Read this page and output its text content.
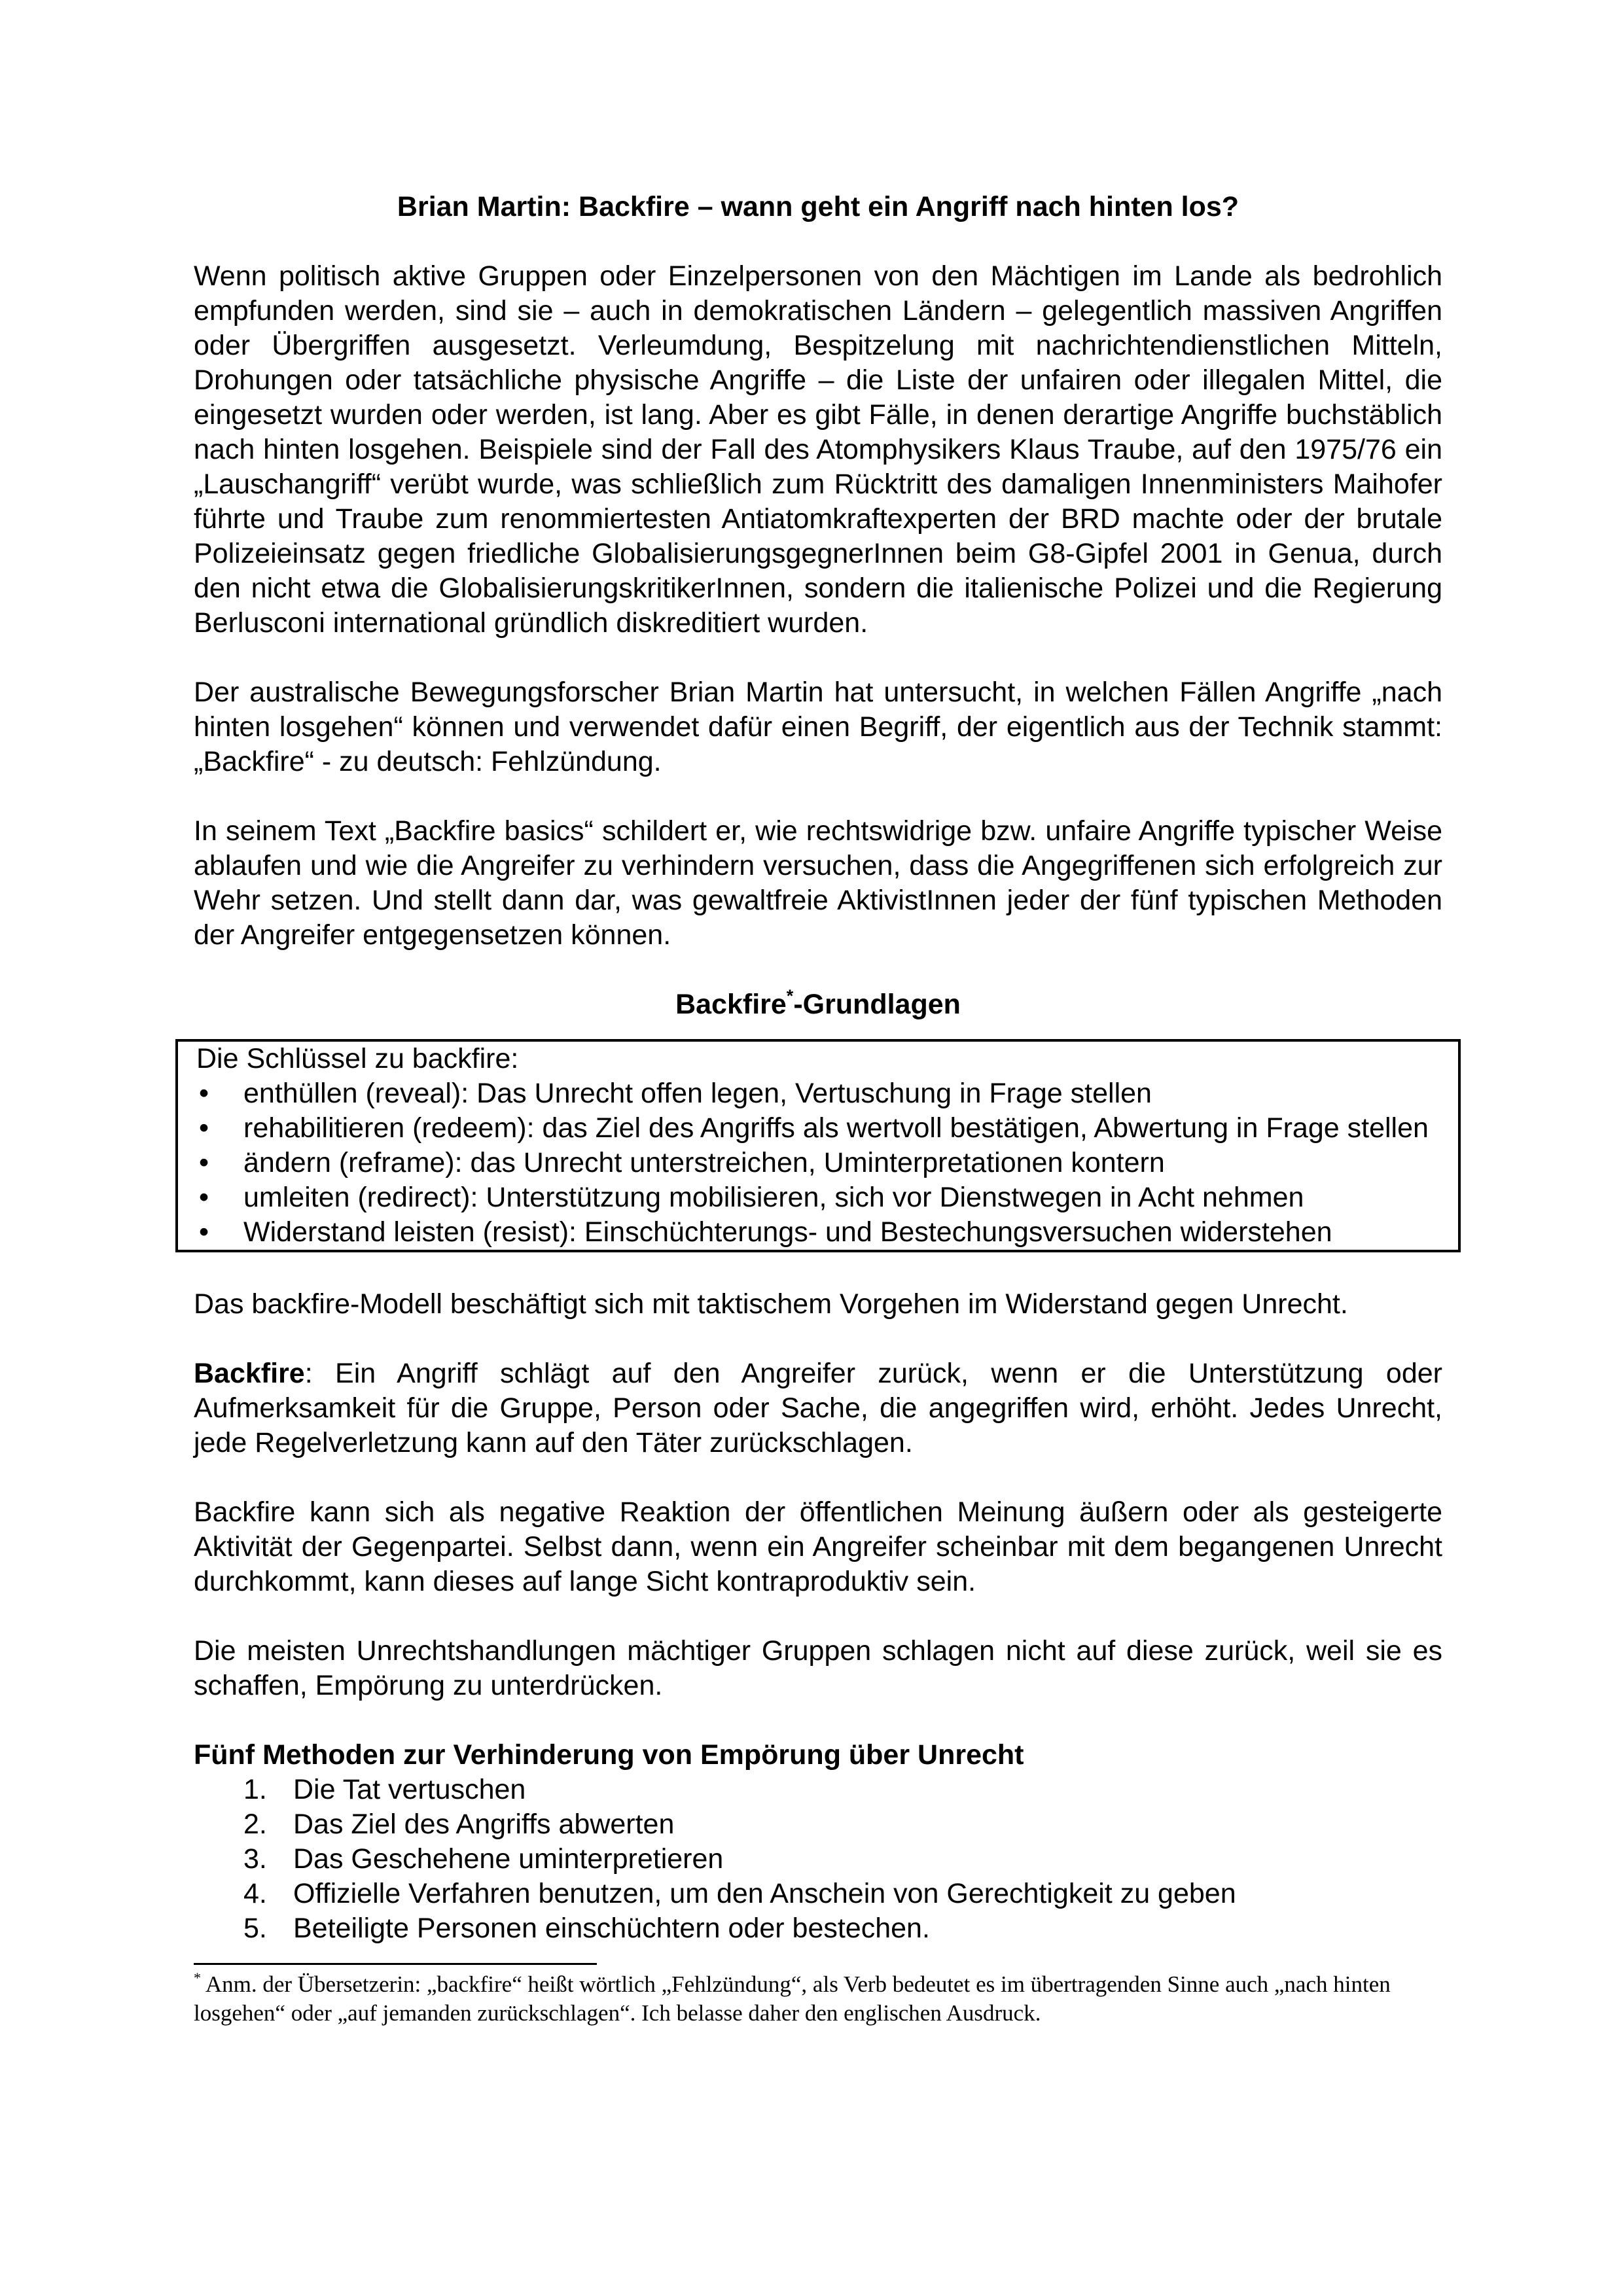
Brian Martin: Backfire – wann geht ein Angriff nach hinten los?

Wenn politisch aktive Gruppen oder Einzelpersonen von den Mächtigen im Lande als bedrohlich empfunden werden, sind sie – auch in demokratischen Ländern – gelegentlich massiven Angriffen oder Übergriffen ausgesetzt. Verleumdung, Bespitzelung mit nachrichtendienstlichen Mitteln, Drohungen oder tatsächliche physische Angriffe – die Liste der unfairen oder illegalen Mittel, die eingesetzt wurden oder werden, ist lang. Aber es gibt Fälle, in denen derartige Angriffe buchstäblich nach hinten losgehen. Beispiele sind der Fall des Atomphysikers Klaus Traube, auf den 1975/76 ein „Lauschangriff“ verübt wurde, was schließlich zum Rücktritt des damaligen Innenministers Maihofer führte und Traube zum renommiertesten Antiatomkraftexperten der BRD machte oder der brutale Polizeieinsatz gegen friedliche GlobalisierungsgegnerInnen beim G8-Gipfel 2001 in Genua, durch den nicht etwa die GlobalisierungskritikerInnen, sondern die italienische Polizei und die Regierung Berlusconi international gründlich diskreditiert wurden.

Der australische Bewegungsforscher Brian Martin hat untersucht, in welchen Fällen Angriffe „nach hinten losgehen“ können und verwendet dafür einen Begriff, der eigentlich aus der Technik stammt: „Backfire“ - zu deutsch: Fehlzündung.

In seinem Text „Backfire basics“ schildert er, wie rechtswidrige bzw. unfaire Angriffe typischer Weise ablaufen und wie die Angreifer zu verhindern versuchen, dass die Angegriffenen sich erfolgreich zur Wehr setzen. Und stellt dann dar, was gewaltfreie AktivistInnen jeder der fünf typischen Methoden der Angreifer entgegensetzen können.

Backfire*-Grundlagen
Die Schlüssel zu backfire:
• enthüllen (reveal): Das Unrecht offen legen, Vertuschung in Frage stellen
• rehabilitieren (redeem): das Ziel des Angriffs als wertvoll bestätigen, Abwertung in Frage stellen
• ändern (reframe): das Unrecht unterstreichen, Uminterpretationen kontern
• umleiten (redirect): Unterstützung mobilisieren, sich vor Dienstwegen in Acht nehmen
• Widerstand leisten (resist): Einschüchterungs- und Bestechungsversuchen widerstehen

Das backfire-Modell beschäftigt sich mit taktischem Vorgehen im Widerstand gegen Unrecht.

Backfire: Ein Angriff schlägt auf den Angreifer zurück, wenn er die Unterstützung oder Aufmerksamkeit für die Gruppe, Person oder Sache, die angegriffen wird, erhöht. Jedes Unrecht, jede Regelverletzung kann auf den Täter zurückschlagen.

Backfire kann sich als negative Reaktion der öffentlichen Meinung äußern oder als gesteigerte Aktivität der Gegenpartei. Selbst dann, wenn ein Angreifer scheinbar mit dem begangenen Unrecht durchkommt, kann dieses auf lange Sicht kontraproduktiv sein.

Die meisten Unrechtshandlungen mächtiger Gruppen schlagen nicht auf diese zurück, weil sie es schaffen, Empörung zu unterdrücken.

Fünf Methoden zur Verhinderung von Empörung über Unrecht
1. Die Tat vertuschen
2. Das Ziel des Angriffs abwerten
3. Das Geschehene uminterpretieren
4. Offizielle Verfahren benutzen, um den Anschein von Gerechtigkeit zu geben
5. Beteiligte Personen einschüchtern oder bestechen.

* Anm. der Übersetzerin: „backfire“ heißt wörtlich „Fehlzündung“, als Verb bedeutet es im übertragenden Sinne auch „nach hinten losgehen“ oder „auf jemanden zurückschlagen“. Ich belasse daher den englischen Ausdruck.
